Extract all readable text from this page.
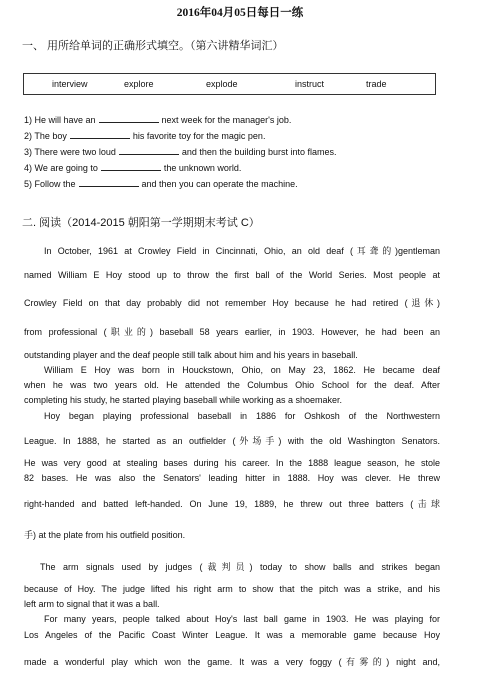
2016年04月05日每日一练
一、 用所给单词的正确形式填空。（第六讲精华词汇）
interview	explore	explode	instruct	trade
1) He will have an	next week for the manager's job.
2) The boy	his favorite toy for the magic pen.
3) There were two loud	and then the building burst into flames.
4) We are going to	the unknown world.
5) Follow the	and then you can operate the machine.
二. 阅读（2014-2015 朝阳第一学期期末考试 C）
In October, 1961 at Crowley Field in Cincinnati, Ohio, an old deaf (耳聋的)gentleman
named William E Hoy stood up to throw the first ball of the World Series. Most people at
Crowley Field on that day probably did not remember Hoy because he had retired (退休)
from professional (职业的) baseball 58 years earlier, in 1903. However, he had been an
outstanding player and the deaf people still talk about him and his years in baseball.
William E Hoy was born in Houckstown, Ohio, on May 23, 1862. He became deaf
when he was two years old. He attended the Columbus Ohio School for the deaf. After
completing his study, he started playing baseball while working as a shoemaker.
Hoy began playing professional baseball in 1886 for Oshkosh of the Northwestern
League. In 1888, he started as an outfielder (外场手) with the old Washington Senators.
He was very good at stealing bases during his career. In the 1888 league season, he stole
82 bases. He was also the Senators' leading hitter in 1888. Hoy was clever. He threw
right-handed and batted left-handed. On June 19, 1889, he threw out three batters (击球
手) at the plate from his outfield position.
The arm signals used by judges (裁判员) today to show balls and strikes began
because of Hoy. The judge lifted his right arm to show that the pitch was a strike, and his
left arm to signal that it was a ball.
For many years, people talked about Hoy's last ball game in 1903. He was playing for
Los Angeles of the Pacific Coast Winter League. It was a memorable game because Hoy
made a wonderful play which won the game. It was a very foggy (有雾的) night and,
